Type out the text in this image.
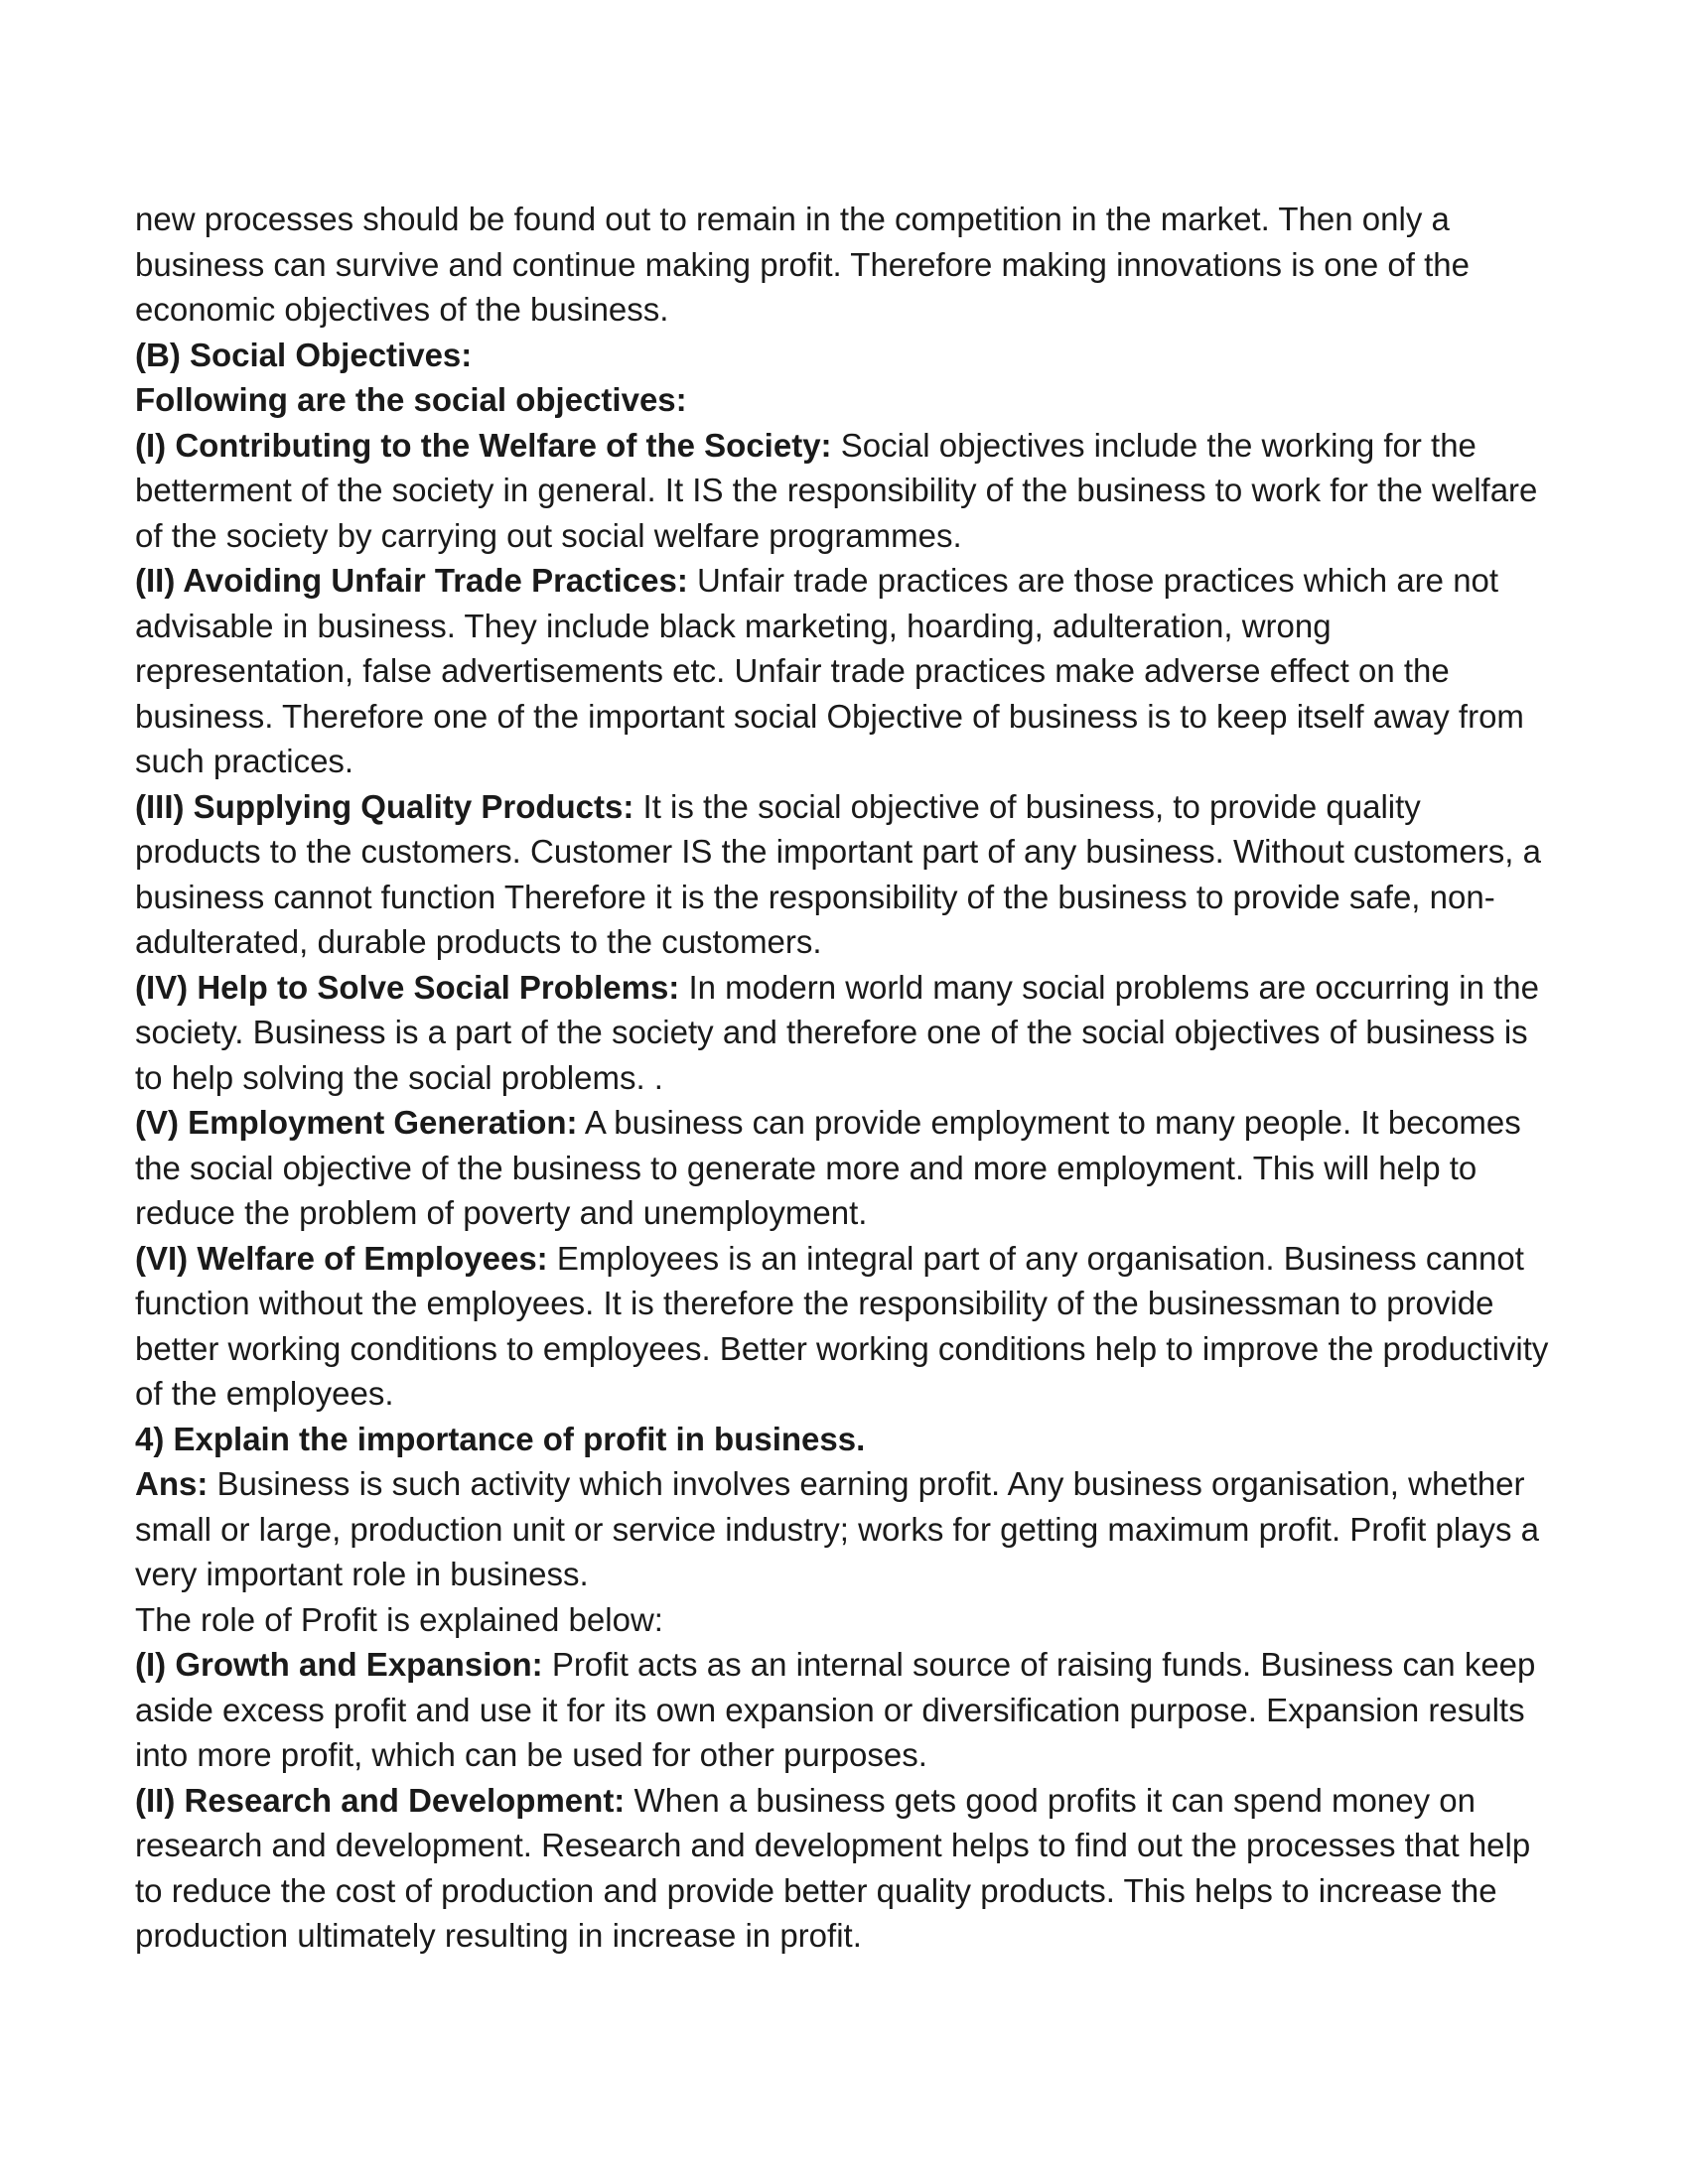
new processes should be found out to remain in the competition in the market. Then only a business can survive and continue making profit. Therefore making innovations is one of the economic objectives of the business.

(B) Social Objectives:

Following are the social objectives:

(I) Contributing to the Welfare of the Society: Social objectives include the working for the betterment of the society in general. It IS the responsibility of the business to work for the welfare of the society by carrying out social welfare programmes.

(II) Avoiding Unfair Trade Practices: Unfair trade practices are those practices which are not advisable in business. They include black marketing, hoarding, adulteration, wrong representation, false advertisements etc. Unfair trade practices make adverse effect on the business. Therefore one of the important social Objective of business is to keep itself away from such practices.

(III) Supplying Quality Products: It is the social objective of business, to provide quality products to the customers. Customer IS the important part of any business. Without customers, a business cannot function Therefore it is the responsibility of the business to provide safe, non-adulterated, durable products to the customers.

(IV) Help to Solve Social Problems: In modern world many social problems are occurring in the society. Business is a part of the society and therefore one of the social objectives of business is to help solving the social problems. .

(V) Employment Generation: A business can provide employment to many people. It becomes the social objective of the business to generate more and more employment. This will help to reduce the problem of poverty and unemployment.

(VI) Welfare of Employees: Employees is an integral part of any organisation. Business cannot function without the employees. It is therefore the responsibility of the businessman to provide better working conditions to employees. Better working conditions help to improve the productivity of the employees.

4) Explain the importance of profit in business.

Ans: Business is such activity which involves earning profit. Any business organisation, whether small or large, production unit or service industry; works for getting maximum profit. Profit plays a very important role in business.

The role of Profit is explained below:

(I) Growth and Expansion: Profit acts as an internal source of raising funds. Business can keep aside excess profit and use it for its own expansion or diversification purpose. Expansion results into more profit, which can be used for other purposes.

(II) Research and Development: When a business gets good profits it can spend money on research and development. Research and development helps to find out the processes that help to reduce the cost of production and provide better quality products. This helps to increase the production ultimately resulting in increase in profit.
